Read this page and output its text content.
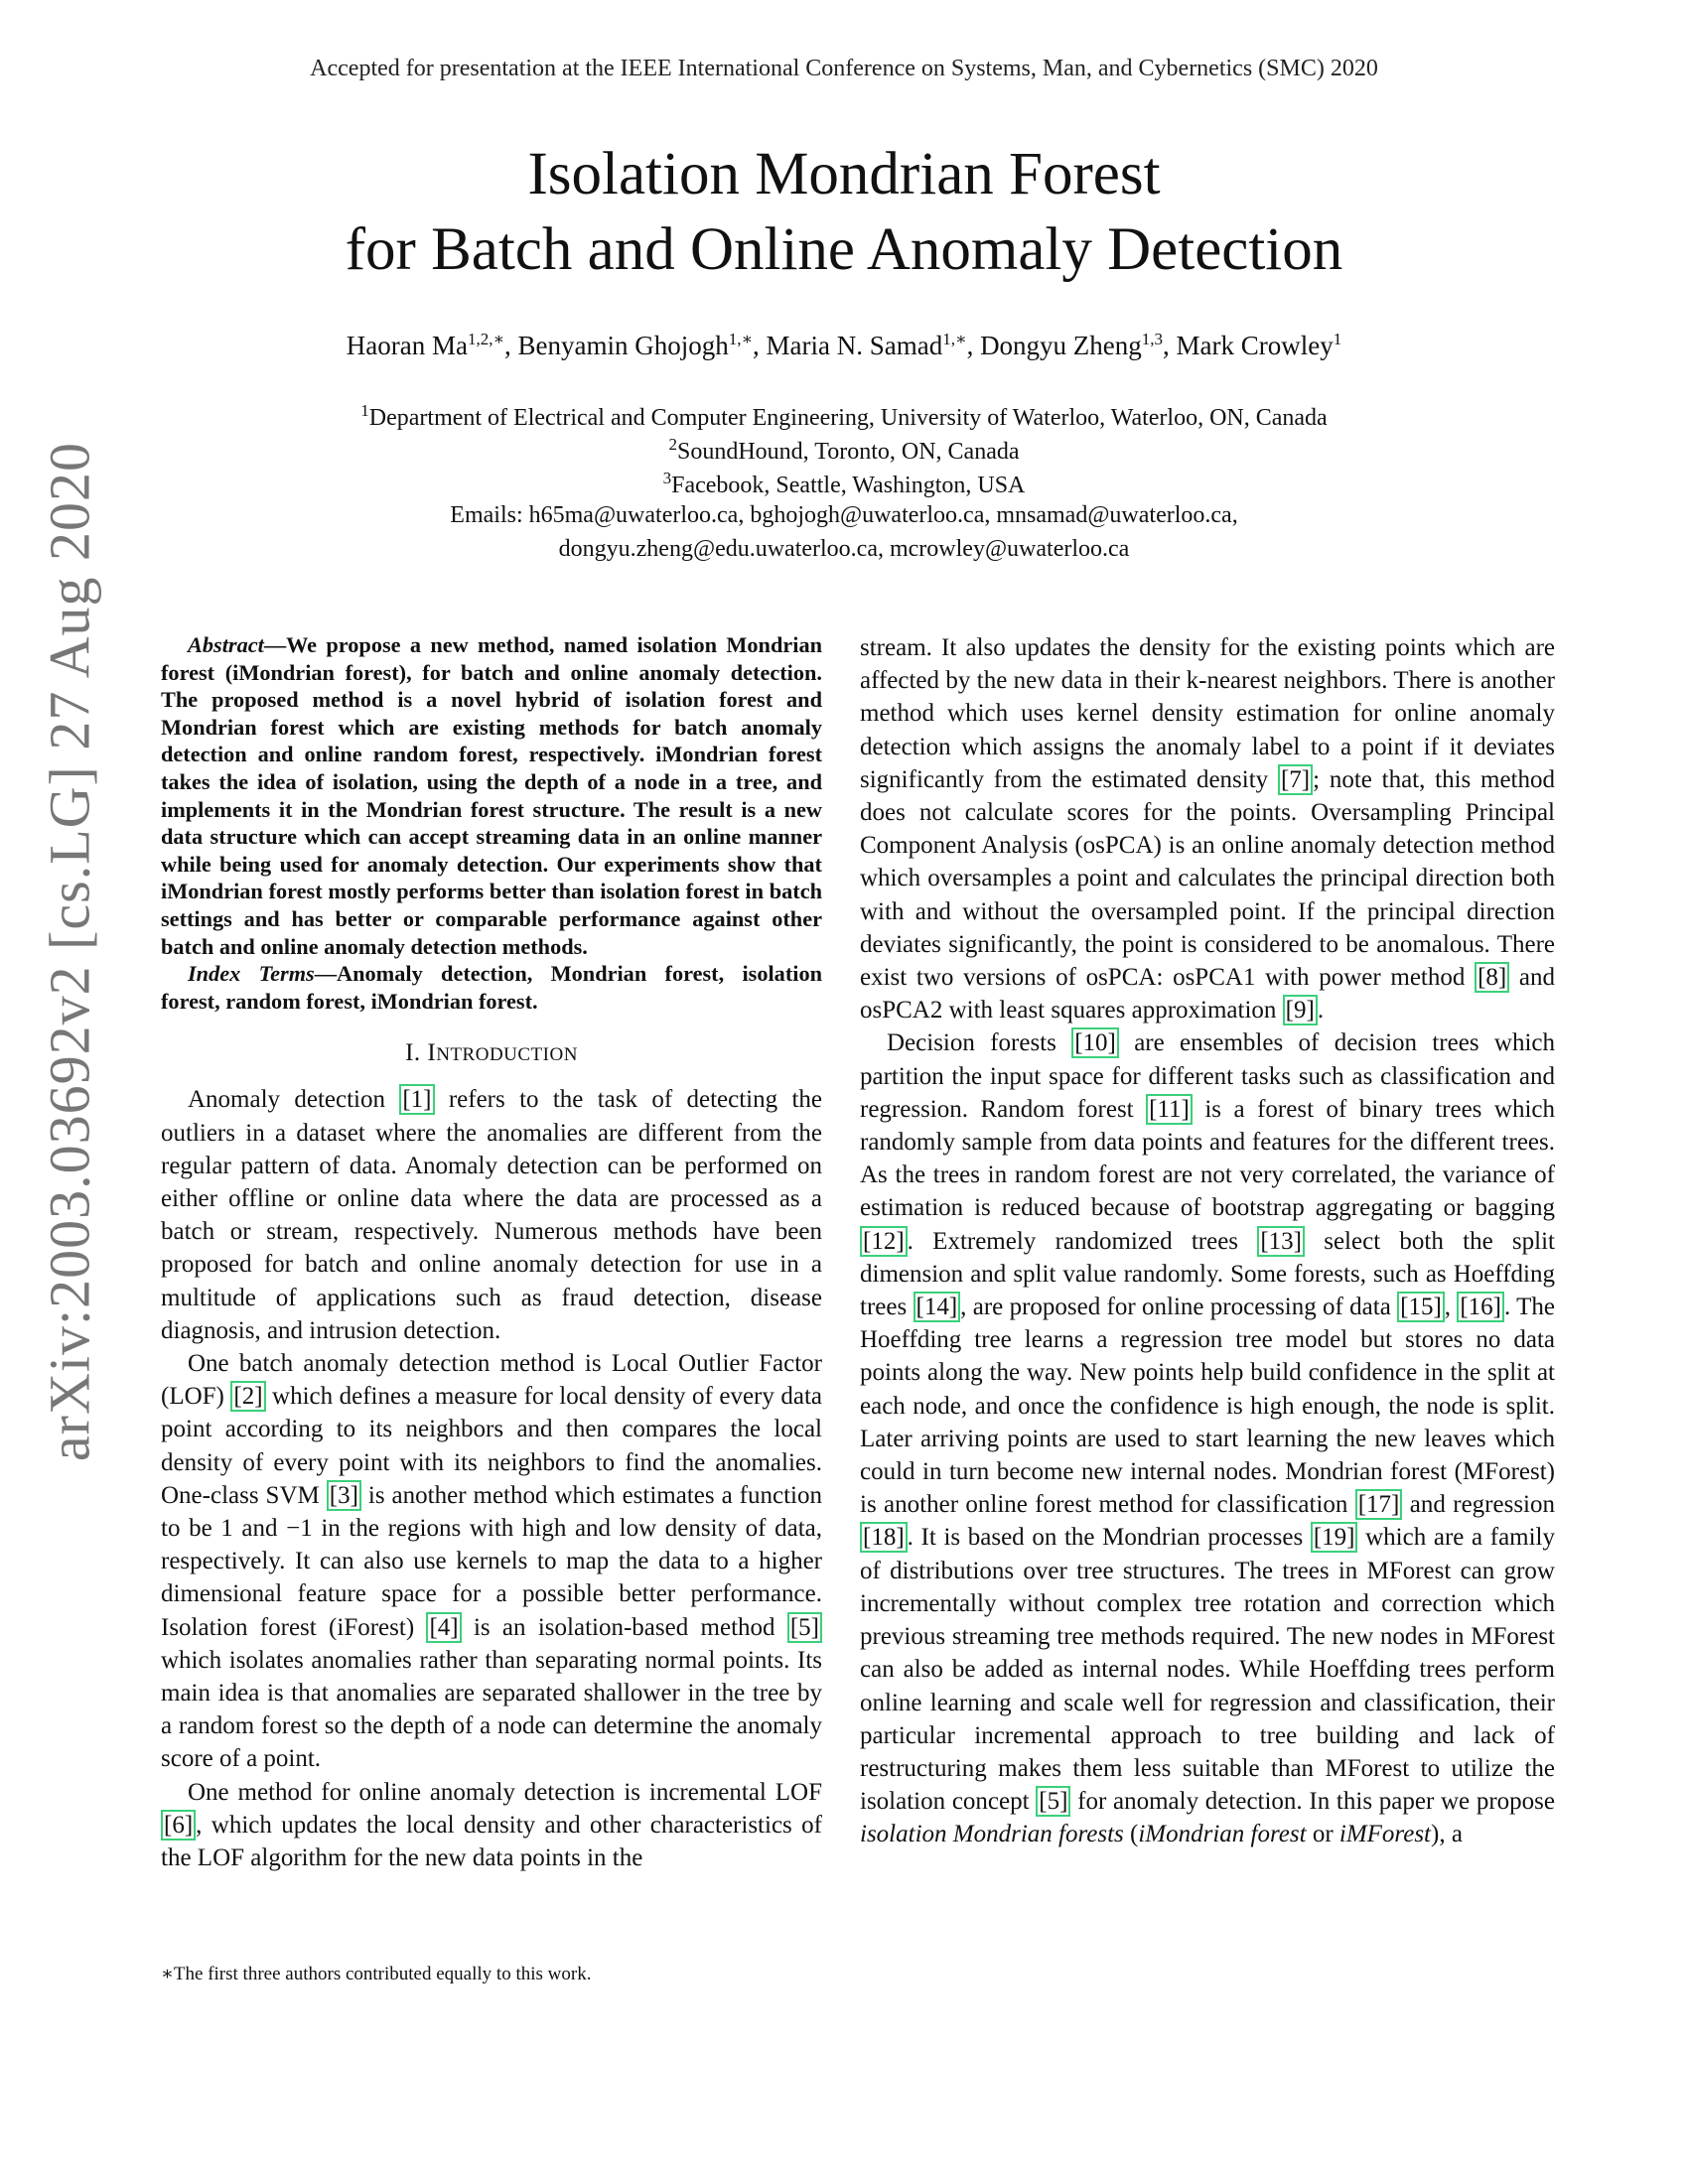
Accepted for presentation at the IEEE International Conference on Systems, Man, and Cybernetics (SMC) 2020
Isolation Mondrian Forest
for Batch and Online Anomaly Detection
Haoran $Ma^{1,2,∗}$, Benyamin Ghojogh$^{1,∗}$, Maria N. Samad$^{1,∗}$, Dongyu Zheng$^{1,3}$, Mark Crowley$^1$
$^1$Department of Electrical and Computer Engineering, University of Waterloo, Waterloo, ON, Canada
$^2$SoundHound, Toronto, ON, Canada
$^3$Facebook, Seattle, Washington, USA
Emails: h65ma@uwaterloo.ca, bghojogh@uwaterloo.ca, mnsamad@uwaterloo.ca,
dongyu.zheng@edu.uwaterloo.ca, mcrowley@uwaterloo.ca
arXiv:2003.03692v2 [cs.LG] 27 Aug 2020	Abstract—We propose a new method, named isolation Mondrian forest (iMondrian forest), for batch and online anomaly detection. The proposed method is a novel hybrid of isolation forest and Mondrian forest which are existing methods for batch anomaly detection and online random forest, respectively. iMondrian forest takes the idea of isolation, using the depth of a node in a tree, and implements it in the Mondrian forest structure. The result is a new data structure which can accept streaming data in an online manner while being used for anomaly detection. Our experiments show that iMondrian forest mostly performs better than isolation forest in batch settings and has better or comparable performance against other batch and online anomaly detection methods.

Index Terms—Anomaly detection, Mondrian forest, isolation forest, random forest, iMondrian forest.

I. INTRODUCTION

Anomaly detection [1] refers to the task of detecting the outliers in a dataset where the anomalies are different from the regular pattern of data. Anomaly detection can be performed on either offline or online data where the data are processed as a batch or stream, respectively. Numerous methods have been proposed for batch and online anomaly detection for use in a multitude of applications such as fraud detection, disease diagnosis, and intrusion detection.

One batch anomaly detection method is Local Outlier Factor (LOF) [2] which defines a measure for local density of every data point according to its neighbors and then compares the local density of every point with its neighbors to find the anomalies. One-class SVM [3] is another method which estimates a function to be 1 and −1 in the regions with high and low density of data, respectively. It can also use kernels to map the data to a higher dimensional feature space for a possible better performance. Isolation forest (iForest) [4] is an isolation-based method [5] which isolates anomalies rather than separating normal points. Its main idea is that anomalies are separated shallower in the tree by a random forest so the depth of a node can determine the anomaly score of a point.

One method for online anomaly detection is incremental LOF [6] , which updates the local density and other characteristics of the LOF algorithm for the new data points in the

∗The first three authors contributed equally to this work.

stream. It also updates the density for the existing points which are affected by the new data in their k-nearest neighbors. There is another method which uses kernel density estimation for online anomaly detection which assigns the anomaly label to a point if it deviates significantly from the estimated density [7] ; note that, this method does not calculate scores for the points. Oversampling Principal Component Analysis (osPCA) is an online anomaly detection method which oversamples a point and calculates the principal direction both with and without the oversampled point. If the principal direction deviates significantly, the point is considered to be anomalous. There exist two versions of osPCA: osPCA1 with power method [8] and osPCA2 with least squares approximation [9] .

Decision forests [10] are ensembles of decision trees which partition the input space for different tasks such as classification and regression. Random forest [11] is a forest of binary trees which randomly sample from data points and features for the different trees. As the trees in random forest are not very correlated, the variance of estimation is reduced because of bootstrap aggregating or bagging [12] . Extremely randomized trees [13] select both the split dimension and split value randomly. Some forests, such as Hoeffding trees [14] , are proposed for online processing of data [15] , [16] . The Hoeffding tree learns a regression tree model but stores no data points along the way. New points help build confidence in the split at each node, and once the confidence is high enough, the node is split. Later arriving points are used to start learning the new leaves which could in turn become new internal nodes. Mondrian forest (MForest) is another online forest method for classification [17] and regression [18] . It is based on the Mondrian processes [19] which are a family of distributions over tree structures. The trees in MForest can grow incrementally without complex tree rotation and correction which previous streaming tree methods required. The new nodes in MForest can also be added as internal nodes. While Hoeffding trees perform online learning and scale well for regression and classification, their particular incremental approach to tree building and lack of restructuring makes them less suitable than MForest to utilize the isolation concept [5] for anomaly detection. In this paper we propose isolation Mondrian forests (iMondrian forest or iMForest), a
